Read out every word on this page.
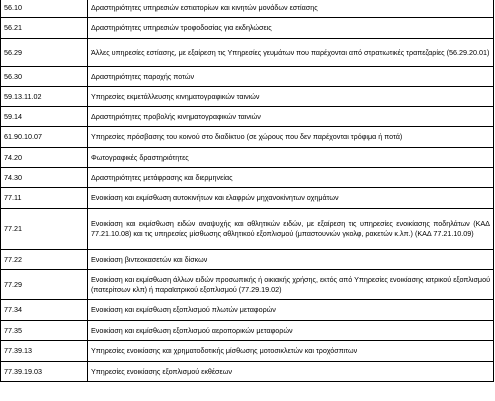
56.10	Δραστηριότητες υπηρεσιών εστιατορίων και κινητών μονάδων εστίασης
56.21	Δραστηριότητες υπηρεσιών τροφοδοσίας για εκδηλώσεις
56.29	Άλλες υπηρεσίες εστίασης, με εξαίρεση τις Υπηρεσίες γευμάτων που παρέχονται από στρατιωτικές τραπεζαρίες (56.29.20.01)
56.30	Δραστηριότητες παροχής ποτών
59.13.11.02	Υπηρεσίες εκμετάλλευσης κινηματογραφικών ταινιών
59.14	Δραστηριότητες προβολής κινηματογραφικών ταινιών
61.90.10.07	Υπηρεσίες πρόσβασης του κοινού στο διαδίκτυο (σε χώρους που δεν παρέχονται τρόφιμα ή ποτά)
74.20	Φωτογραφικές δραστηριότητες
74.30	Δραστηριότητες μετάφρασης και διερμηνείας
77.11	Ενοικίαση και εκμίσθωση αυτοκινήτων και ελαφρών μηχανοκίνητων οχημάτων
77.21	Ενοικίαση και εκμίσθωση ειδών αναψυχής και αθλητικών ειδών, με εξαίρεση τις υπηρεσίες ενοικίασης ποδηλάτων (ΚΑΔ 77.21.10.08) και τις υπηρεσίες μίσθωσης αθλητικού εξοπλισμού (μπαστουνιών γκολφ, ρακετών κ.λπ.) (ΚΑΔ 77.21.10.09)
77.22	Ενοικίαση βιντεοκασετών και δίσκων
77.29	Ενοικίαση και εκμίσθωση άλλων ειδών προσωπικής ή οικιακής χρήσης, εκτός από Υπηρεσίες ενοικίασης ιατρικού εξοπλισμού (πατερίτσων κλπ) ή παραϊατρικού εξοπλισμού (77.29.19.02)
77.34	Ενοικίαση και εκμίσθωση εξοπλισμού πλωτών μεταφορών
77.35	Ενοικίαση και εκμίσθωση εξοπλισμού αεροπορικών μεταφορών
77.39.13	Υπηρεσίες ενοικίασης και χρηματοδοτικής μίσθωσης μοτοσικλετών και τροχόσπιτων
77.39.19.03	Υπηρεσίες ενοικίασης εξοπλισμού εκθέσεων
